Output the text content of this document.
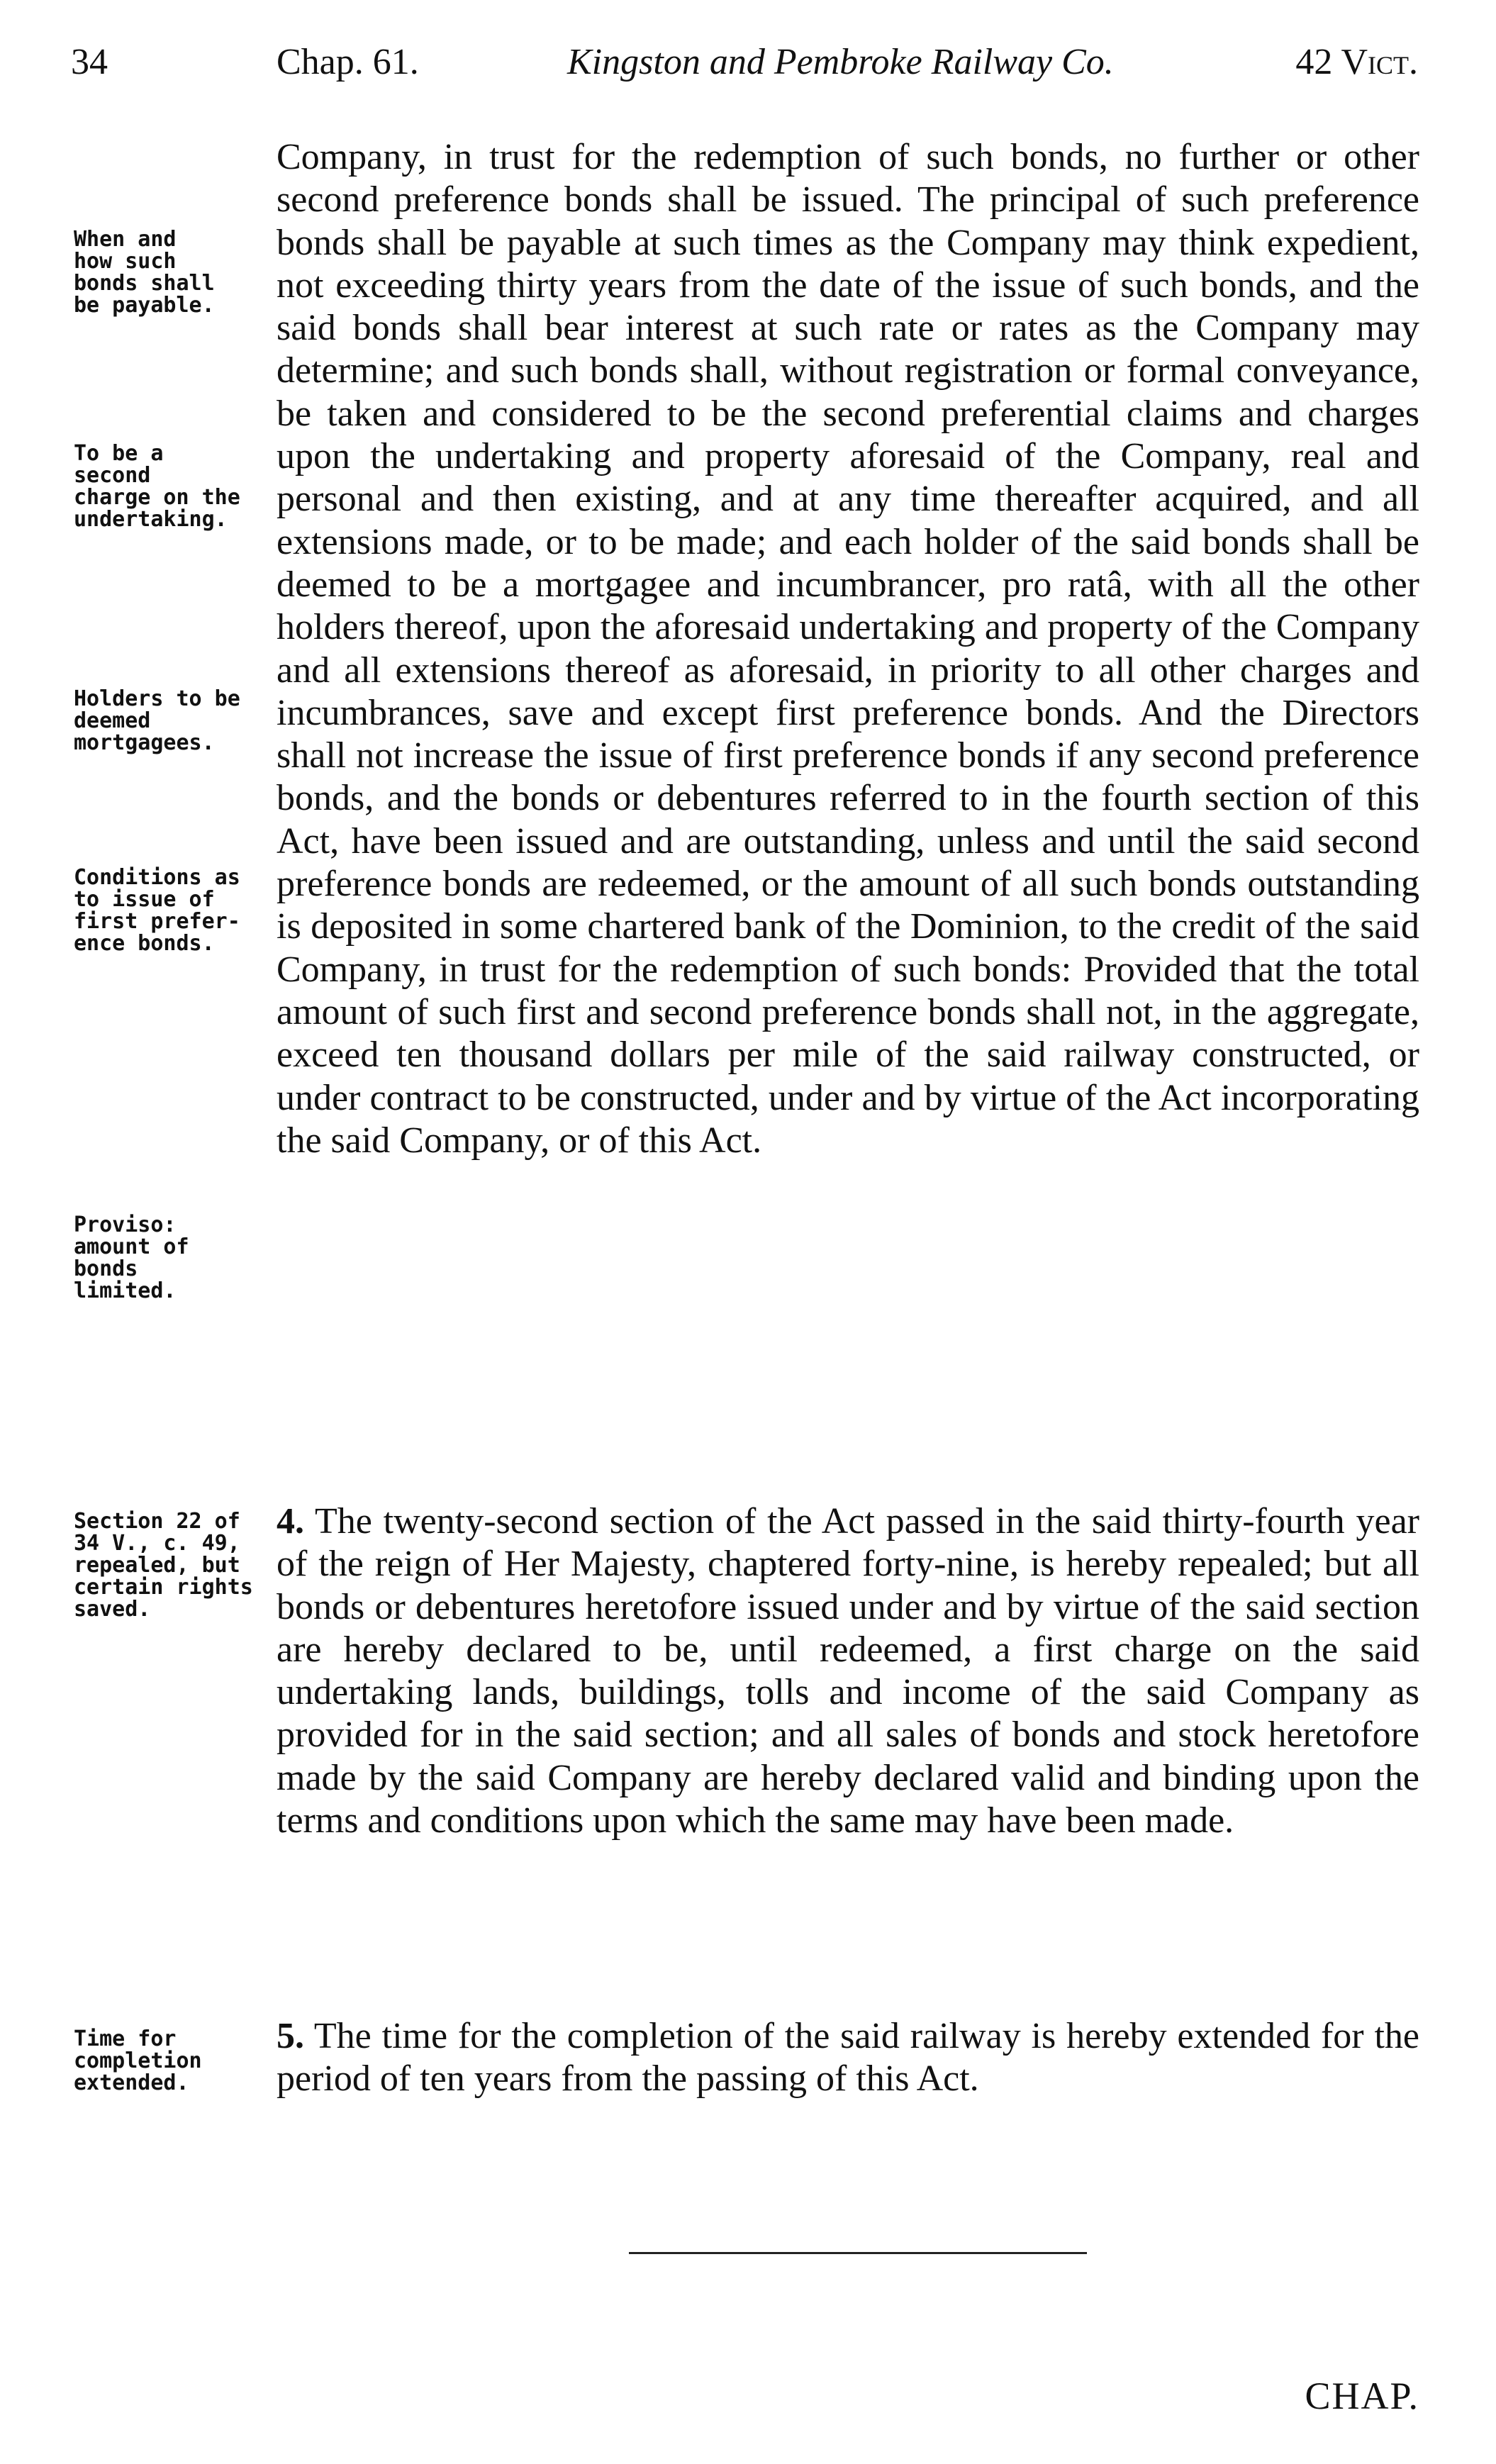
34	Chap. 61.	Kingston and Pembroke Railway Co.	42 Vict.
When and
how such
bonds shall
be payable.
To be a
second
charge on the
undertaking.
Holders to be
deemed
mortgagees.
Conditions as
to issue of
first prefer-
ence bonds.
Proviso:
amount of
bonds
limited.
Section 22 of
34 V., c. 49,
repealed, but
certain rights
saved.
Time for
completion
extended.

Company, in trust for the redemption of such bonds, no further or other second preference bonds shall be issued. The principal of such preference bonds shall be payable at such times as the Company may think expedient, not exceeding thirty years from the date of the issue of such bonds, and the said bonds shall bear interest at such rate or rates as the Company may determine; and such bonds shall, without registration or formal conveyance, be taken and considered to be the second preferential claims and charges upon the undertaking and property aforesaid of the Company, real and personal and then existing, and at any time thereafter acquired, and all extensions made, or to be made; and each holder of the said bonds shall be deemed to be a mortgagee and incumbrancer, pro ratâ, with all the other holders thereof, upon the aforesaid undertaking and property of the Company and all extensions thereof as aforesaid, in priority to all other charges and incumbrances, save and except first preference bonds. And the Directors shall not increase the issue of first preference bonds if any second preference bonds, and the bonds or debentures referred to in the fourth section of this Act, have been issued and are outstanding, unless and until the said second preference bonds are redeemed, or the amount of all such bonds outstanding is deposited in some chartered bank of the Dominion, to the credit of the said Company, in trust for the redemption of such bonds: Provided that the total amount of such first and second preference bonds shall not, in the aggregate, exceed ten thousand dollars per mile of the said railway constructed, or under contract to be constructed, under and by virtue of the Act incorporating the said Company, or of this Act.

4. The twenty-second section of the Act passed in the said thirty-fourth year of the reign of Her Majesty, chaptered forty-nine, is hereby repealed; but all bonds or debentures heretofore issued under and by virtue of the said section are hereby declared to be, until redeemed, a first charge on the said undertaking lands, buildings, tolls and income of the said Company as provided for in the said section; and all sales of bonds and stock heretofore made by the said Company are hereby declared valid and binding upon the terms and conditions upon which the same may have been made.

5. The time for the completion of the said railway is hereby extended for the period of ten years from the passing of this Act.

CHAP.
